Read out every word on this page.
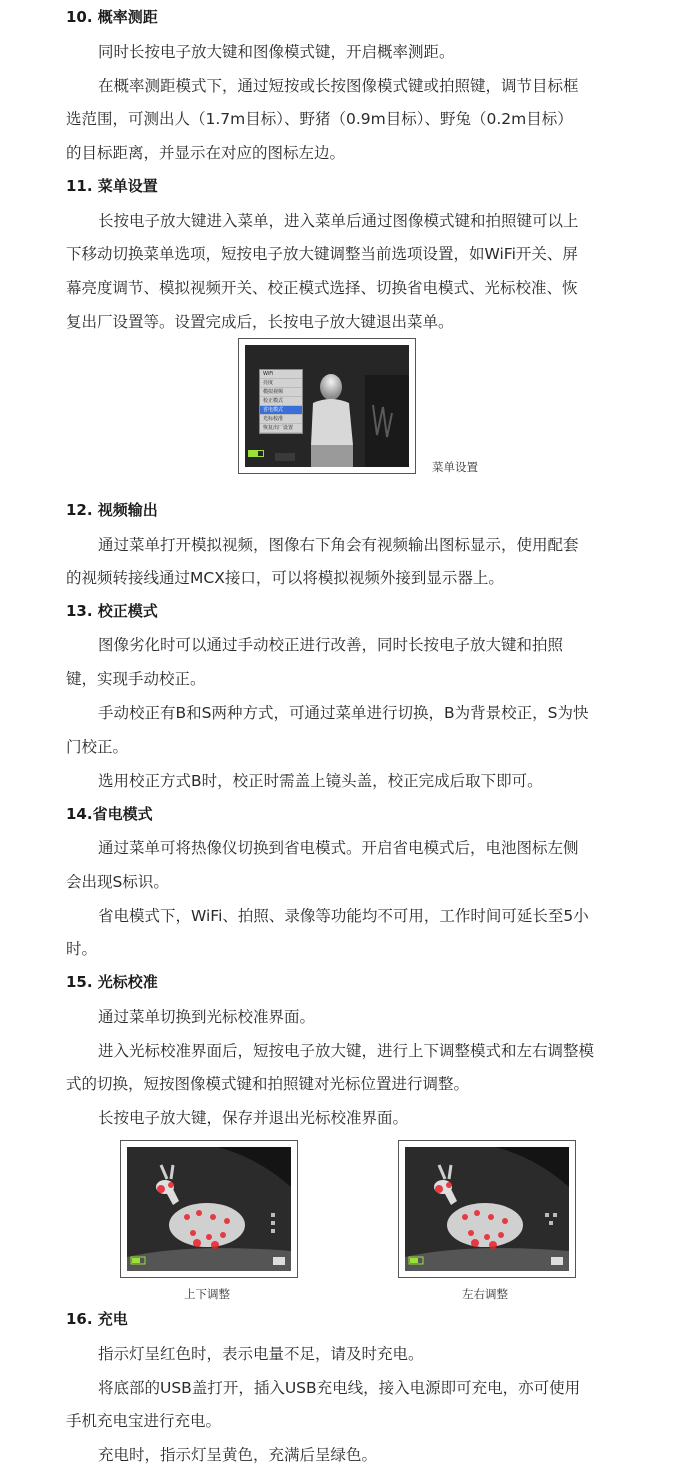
10. 概率测距
同时长按电子放大键和图像模式键，开启概率测距。
在概率测距模式下，通过短按或长按图像模式键或拍照键，调节目标框
选范围，可测出人（1.7m目标）、野猪（0.9m目标）、野兔（0.2m目标）
的目标距离，并显示在对应的图标左边。
11. 菜单设置
长按电子放大键进入菜单，进入菜单后通过图像模式键和拍照键可以上
下移动切换菜单选项，短按电子放大键调整当前选项设置，如WiFi开关、屏
幕亮度调节、模拟视频开关、校正模式选择、切换省电模式、光标校准、恢
复出厂设置等。设置完成后，长按电子放大键退出菜单。
WiFi
亮度
模拟视频
校正模式
省电模式
光标校准
恢复出厂设置
菜单设置
12. 视频输出
通过菜单打开模拟视频，图像右下角会有视频输出图标显示，使用配套
的视频转接线通过MCX接口，可以将模拟视频外接到显示器上。
13. 校正模式
图像劣化时可以通过手动校正进行改善，同时长按电子放大键和拍照
键，实现手动校正。
手动校正有B和S两种方式，可通过菜单进行切换，B为背景校正，S为快
门校正。
选用校正方式B时，校正时需盖上镜头盖，校正完成后取下即可。
14.省电模式
通过菜单可将热像仪切换到省电模式。开启省电模式后，电池图标左侧
会出现S标识。
省电模式下，WiFi、拍照、录像等功能均不可用，工作时间可延长至5小
时。
15. 光标校准
通过菜单切换到光标校准界面。
进入光标校准界面后，短按电子放大键，进行上下调整模式和左右调整模
式的切换，短按图像模式键和拍照键对光标位置进行调整。
长按电子放大键，保存并退出光标校准界面。
上下调整	左右调整
16. 充电
指示灯呈红色时，表示电量不足，请及时充电。
将底部的USB盖打开，插入USB充电线，接入电源即可充电，亦可使用
手机充电宝进行充电。
充电时，指示灯呈黄色，充满后呈绿色。
